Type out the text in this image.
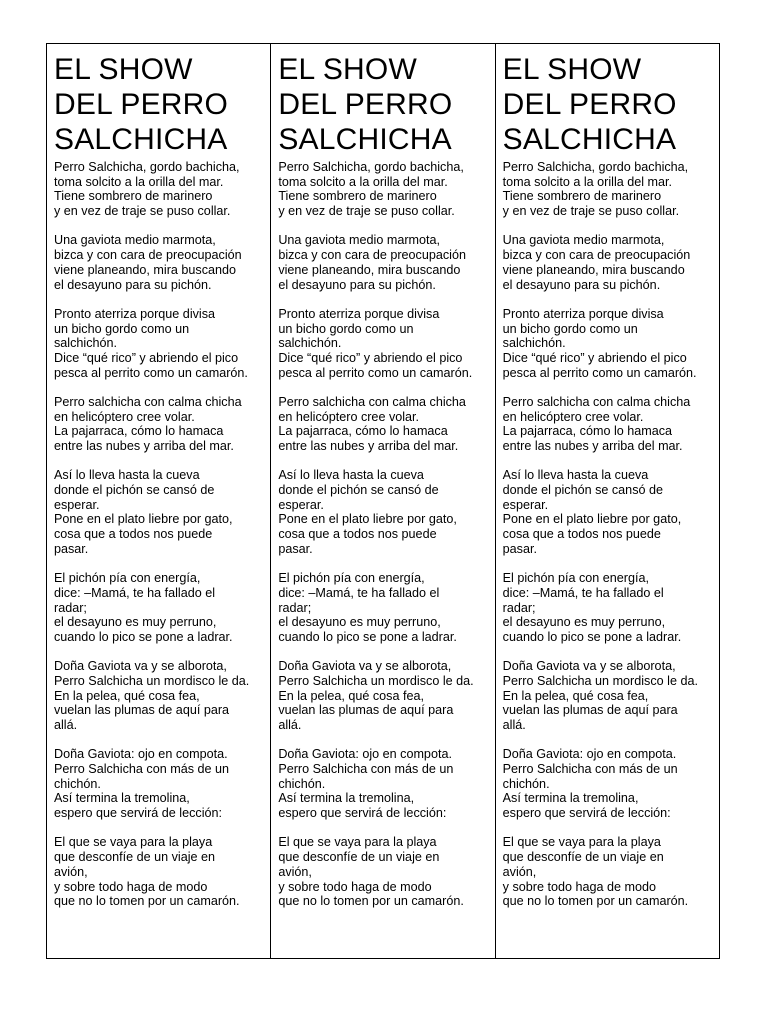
EL SHOW
DEL PERRO
SALCHICHA
Perro Salchicha, gordo bachicha,
toma solcito a la orilla del mar.
Tiene sombrero de marinero
y en vez de traje se puso collar.
Una gaviota medio marmota,
bizca y con cara de preocupación
viene planeando, mira buscando
el desayuno para su pichón.
Pronto aterriza porque divisa
un bicho gordo como un
salchichón.
Dice “qué rico” y abriendo el pico
pesca al perrito como un camarón.
Perro salchicha con calma chicha
en helicóptero cree volar.
La pajarraca, cómo lo hamaca
entre las nubes y arriba del mar.
Así lo lleva hasta la cueva
donde el pichón se cansó de
esperar.
Pone en el plato liebre por gato,
cosa que a todos nos puede
pasar.
El pichón pía con energía,
dice: –Mamá, te ha fallado el
radar;
el desayuno es muy perruno,
cuando lo pico se pone a ladrar.
Doña Gaviota va y se alborota,
Perro Salchicha un mordisco le da.
En la pelea, qué cosa fea,
vuelan las plumas de aquí para
allá.
Doña Gaviota: ojo en compota.
Perro Salchicha con más de un
chichón.
Así termina la tremolina,
espero que servirá de lección:
El que se vaya para la playa
que desconfíe de un viaje en
avión,
y sobre todo haga de modo
que no lo tomen por un camarón.
EL SHOW
DEL PERRO
SALCHICHA
Perro Salchicha, gordo bachicha,
toma solcito a la orilla del mar.
Tiene sombrero de marinero
y en vez de traje se puso collar.
Una gaviota medio marmota,
bizca y con cara de preocupación
viene planeando, mira buscando
el desayuno para su pichón.
Pronto aterriza porque divisa
un bicho gordo como un
salchichón.
Dice “qué rico” y abriendo el pico
pesca al perrito como un camarón.
Perro salchicha con calma chicha
en helicóptero cree volar.
La pajarraca, cómo lo hamaca
entre las nubes y arriba del mar.
Así lo lleva hasta la cueva
donde el pichón se cansó de
esperar.
Pone en el plato liebre por gato,
cosa que a todos nos puede
pasar.
El pichón pía con energía,
dice: –Mamá, te ha fallado el
radar;
el desayuno es muy perruno,
cuando lo pico se pone a ladrar.
Doña Gaviota va y se alborota,
Perro Salchicha un mordisco le da.
En la pelea, qué cosa fea,
vuelan las plumas de aquí para
allá.
Doña Gaviota: ojo en compota.
Perro Salchicha con más de un
chichón.
Así termina la tremolina,
espero que servirá de lección:
El que se vaya para la playa
que desconfíe de un viaje en
avión,
y sobre todo haga de modo
que no lo tomen por un camarón.
EL SHOW
DEL PERRO
SALCHICHA
Perro Salchicha, gordo bachicha,
toma solcito a la orilla del mar.
Tiene sombrero de marinero
y en vez de traje se puso collar.
Una gaviota medio marmota,
bizca y con cara de preocupación
viene planeando, mira buscando
el desayuno para su pichón.
Pronto aterriza porque divisa
un bicho gordo como un
salchichón.
Dice “qué rico” y abriendo el pico
pesca al perrito como un camarón.
Perro salchicha con calma chicha
en helicóptero cree volar.
La pajarraca, cómo lo hamaca
entre las nubes y arriba del mar.
Así lo lleva hasta la cueva
donde el pichón se cansó de
esperar.
Pone en el plato liebre por gato,
cosa que a todos nos puede
pasar.
El pichón pía con energía,
dice: –Mamá, te ha fallado el
radar;
el desayuno es muy perruno,
cuando lo pico se pone a ladrar.
Doña Gaviota va y se alborota,
Perro Salchicha un mordisco le da.
En la pelea, qué cosa fea,
vuelan las plumas de aquí para
allá.
Doña Gaviota: ojo en compota.
Perro Salchicha con más de un
chichón.
Así termina la tremolina,
espero que servirá de lección:
El que se vaya para la playa
que desconfíe de un viaje en
avión,
y sobre todo haga de modo
que no lo tomen por un camarón.
